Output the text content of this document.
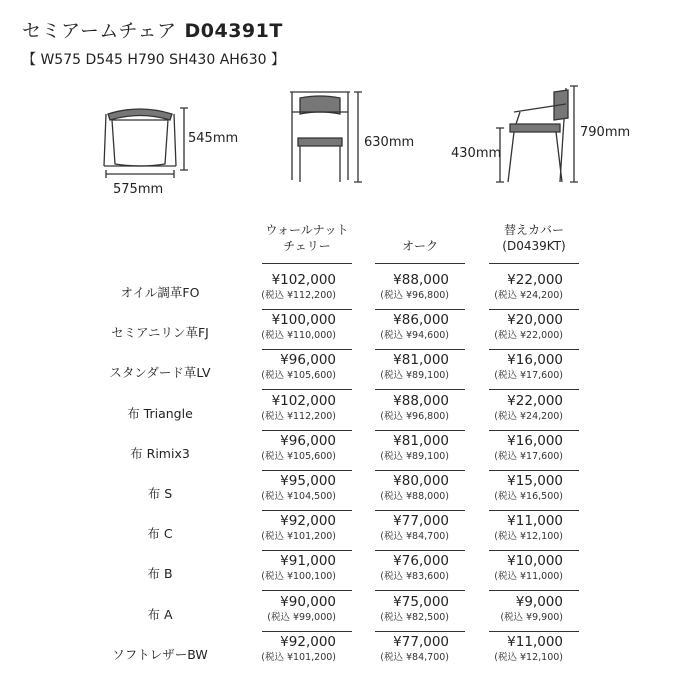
セミアームチェア D04391T
【 W575 D545 H790 SH430 AH630 】
575mm
545mm	630mm
430mm
790mm
ウォールナット
チェリー	オーク
替えカバー
(D0439KT)
オイル調革FO
¥102,000
(税込 ¥112,200)
¥88,000
(税込 ¥96,800)
¥22,000
(税込 ¥24,200)
セミアニリン革FJ
¥100,000
(税込 ¥110,000)
¥86,000
(税込 ¥94,600)
¥20,000
(税込 ¥22,000)
スタンダード革LV
¥96,000
(税込 ¥105,600)
¥81,000
(税込 ¥89,100)
¥16,000
(税込 ¥17,600)
布 Triangle
¥102,000
(税込 ¥112,200)
¥88,000
(税込 ¥96,800)
¥22,000
(税込 ¥24,200)
布 Rimix3
¥96,000
(税込 ¥105,600)
¥81,000
(税込 ¥89,100)
¥16,000
(税込 ¥17,600)
布 S
¥95,000
(税込 ¥104,500)
¥80,000
(税込 ¥88,000)
¥15,000
(税込 ¥16,500)
布 C
¥92,000
(税込 ¥101,200)
¥77,000
(税込 ¥84,700)
¥11,000
(税込 ¥12,100)
布 B
¥91,000
(税込 ¥100,100)
¥76,000
(税込 ¥83,600)
¥10,000
(税込 ¥11,000)
布 A
¥90,000
(税込 ¥99,000)
¥75,000
(税込 ¥82,500)
¥9,000
(税込 ¥9,900)
ソフトレザーBW
¥92,000
(税込 ¥101,200)
¥77,000
(税込 ¥84,700)
¥11,000
(税込 ¥12,100)
